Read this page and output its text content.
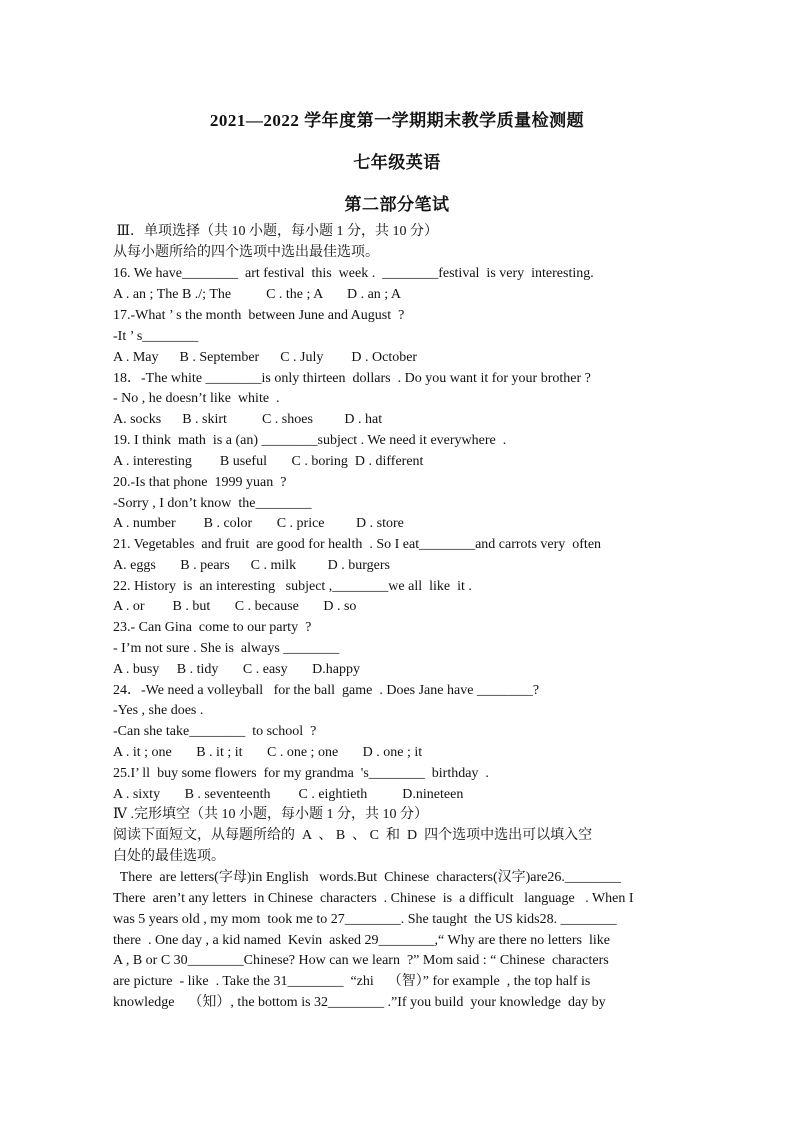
2021—2022 学年度第一学期期末教学质量检测题
七年级英语
第二部分笔试
Ⅲ．单项选择（共 10 小题，每小题 1 分，共 10 分）
从每小题所给的四个选项中选出最佳选项。
16. We have________  art festival  this  week .  ________festival  is very  interesting.
A . an ; The B ./; The          C . the ; A       D . an ; A
17.-What ’ s the month  between June and August  ?
-It ’ s________
A . May      B . September      C . July        D . October
18．-The white ________is only thirteen  dollars  . Do you want it for your brother ?
- No , he doesn’t like  white  .
A. socks      B . skirt          C . shoes         D . hat
19. I think  math  is a (an) ________subject . We need it everywhere  .
A . interesting        B useful       C . boring  D . different
20.-Is that phone  1999 yuan  ?
-Sorry , I don’t know  the________
A . number        B . color       C . price         D . store
21. Vegetables  and fruit  are good for health  . So I eat________and carrots very  often
A. eggs       B . pears      C . milk         D . burgers
22. History  is  an interesting   subject ,________we all  like  it .
A . or        B . but       C . because       D . so
23.- Can Gina  come to our party  ?
- I’m not sure . She is  always ________
A . busy     B . tidy       C . easy       D.happy
24．-We need a volleyball   for the ball  game  . Does Jane have ________?
-Yes , she does .
-Can she take________  to school  ?
A . it ; one       B . it ; it       C . one ; one       D . one ; it
25.I’ ll  buy some flowers  for my grandma  's________  birthday  .
A . sixty       B . seventeenth        C . eightieth          D.nineteen
Ⅳ .完形填空（共 10 小题，每小题 1 分，共 10 分）
阅读下面短文，从每题所给的  A  、 B  、 C  和  D  四个选项中选出可以填入空
白处的最佳选项。
There  are letters(字母)in English   words.But  Chinese  characters(汉字)are26.________
There  aren’t any letters  in Chinese  characters  . Chinese  is  a difficult   language   . When I
was 5 years old , my mom  took me to 27________. She taught  the US kids28. ________
there  . One day , a kid named  Kevin  asked 29________,“ Why are there no letters  like
A , B or C 30________Chinese? How can we learn  ?” Mom said : “ Chinese  characters
are picture  - like  . Take the 31________  “zhi    （智）” for example  , the top half is
knowledge    （知）, the bottom is 32________ .”If you build  your knowledge  day by
